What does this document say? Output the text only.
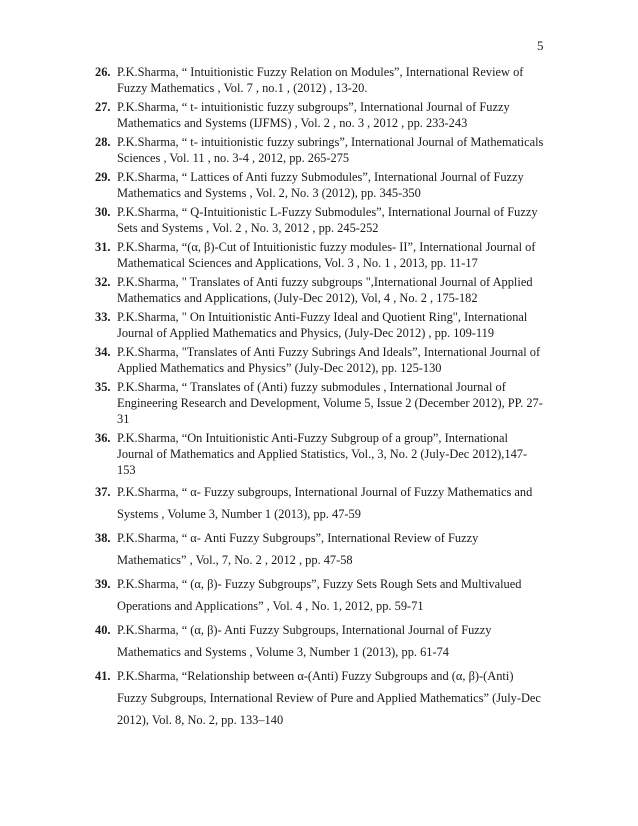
5
26. P.K.Sharma, “ Intuitionistic Fuzzy Relation on Modules”, International Review of Fuzzy Mathematics , Vol. 7 , no.1 , (2012) , 13-20.
27. P.K.Sharma, “ t- intuitionistic fuzzy subgroups”, International Journal of Fuzzy Mathematics and Systems (IJFMS) , Vol. 2 , no. 3 , 2012 , pp. 233-243
28. P.K.Sharma, “ t- intuitionistic fuzzy subrings”, International Journal of Mathematicals Sciences , Vol. 11 , no. 3-4 , 2012, pp. 265-275
29. P.K.Sharma, “ Lattices of Anti fuzzy Submodules”, International Journal of Fuzzy Mathematics and Systems , Vol. 2, No. 3 (2012), pp. 345-350
30. P.K.Sharma, “ Q-Intuitionistic L-Fuzzy Submodules”, International Journal of Fuzzy Sets and Systems , Vol. 2 , No. 3, 2012 , pp. 245-252
31. P.K.Sharma, “(α, β)-Cut of Intuitionistic fuzzy modules- II”, International Journal of Mathematical Sciences and Applications, Vol. 3 , No. 1 , 2013, pp. 11-17
32. P.K.Sharma, " Translates of Anti fuzzy subgroups ",International Journal of Applied Mathematics and Applications, (July-Dec 2012), Vol, 4 , No. 2 , 175-182
33. P.K.Sharma, " On Intuitionistic Anti-Fuzzy Ideal and Quotient Ring", International Journal of Applied Mathematics and Physics, (July-Dec 2012) , pp. 109-119
34. P.K.Sharma, "Translates of Anti Fuzzy Subrings And Ideals”, International Journal of Applied Mathematics and Physics” (July-Dec 2012), pp. 125-130
35. P.K.Sharma, “ Translates of (Anti) fuzzy submodules , International Journal of Engineering Research and Development, Volume 5, Issue 2 (December 2012), PP. 27-31
36. P.K.Sharma, “On Intuitionistic Anti-Fuzzy Subgroup of a group”, International Journal of Mathematics and Applied Statistics, Vol., 3, No. 2 (July-Dec 2012),147-153
37. P.K.Sharma, “ α- Fuzzy subgroups, International Journal of Fuzzy Mathematics and Systems , Volume 3, Number 1 (2013), pp. 47-59
38. P.K.Sharma, “ α- Anti Fuzzy Subgroups”, International Review of Fuzzy Mathematics” , Vol., 7, No. 2 , 2012 , pp. 47-58
39. P.K.Sharma, “ (α, β)- Fuzzy Subgroups”, Fuzzy Sets Rough Sets and Multivalued Operations and Applications” , Vol. 4 , No. 1, 2012, pp. 59-71
40. P.K.Sharma, “ (α, β)- Anti Fuzzy Subgroups, International Journal of Fuzzy Mathematics and Systems , Volume 3, Number 1 (2013), pp. 61-74
41. P.K.Sharma, “Relationship between α-(Anti) Fuzzy Subgroups and (α, β)-(Anti) Fuzzy Subgroups, International Review of Pure and Applied Mathematics” (July-Dec 2012), Vol. 8, No. 2, pp. 133–140
